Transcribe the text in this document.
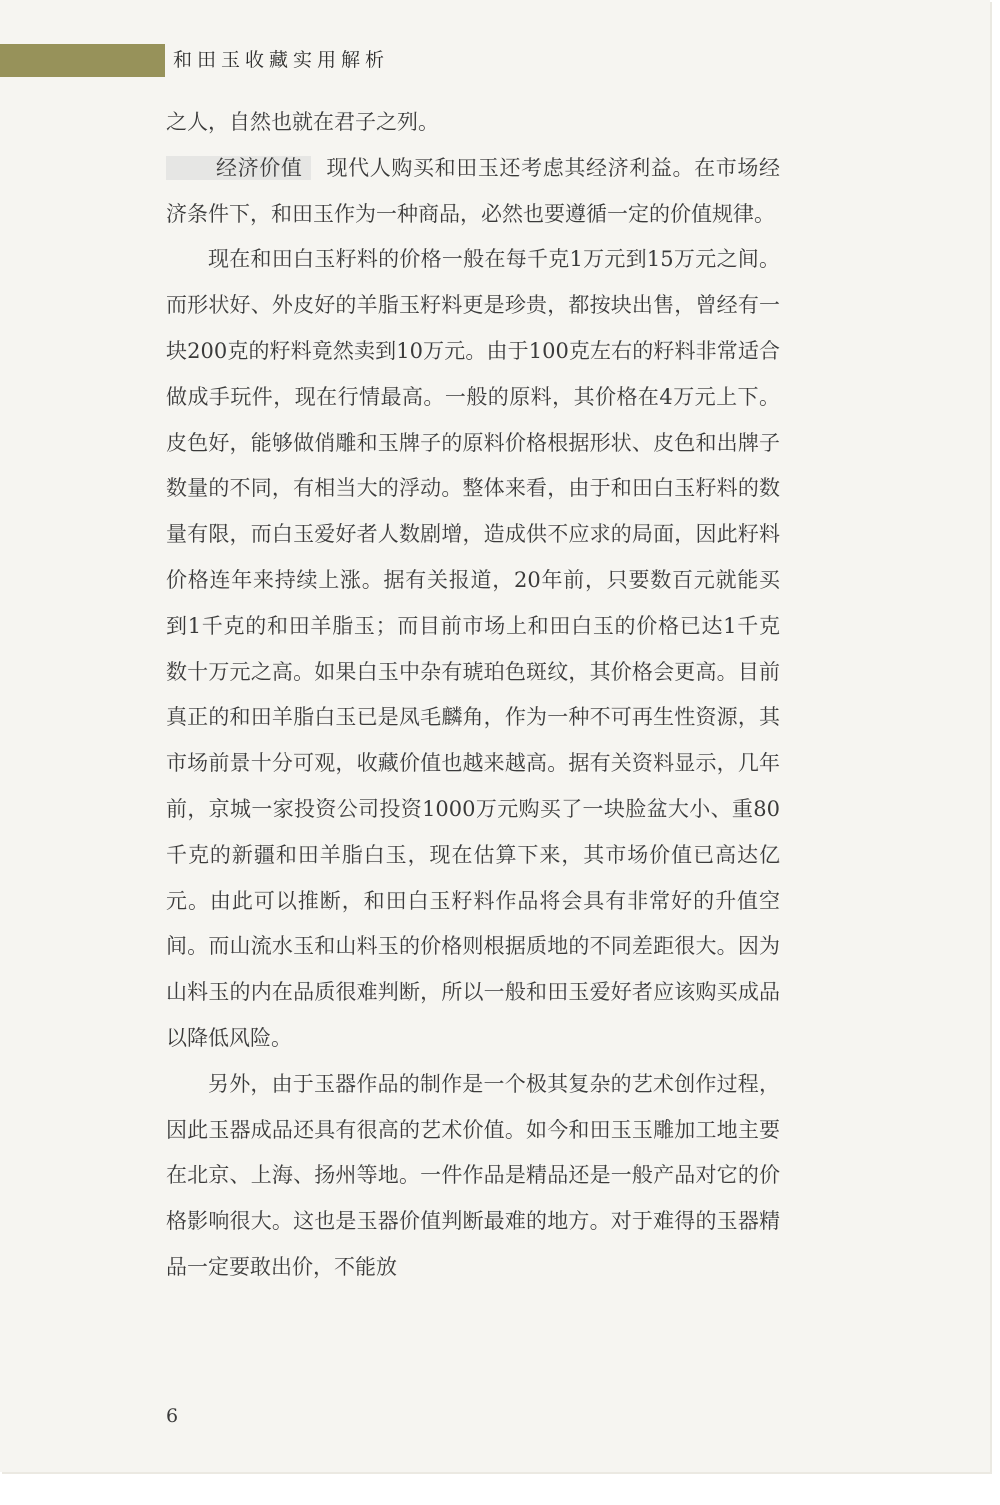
和田玉收藏实用解析

之人，自然也就在君子之列。

经济价值 现代人购买和田玉还考虑其经济利益。在市场经济条件下，和田玉作为一种商品，必然也要遵循一定的价值规律。

现在和田白玉籽料的价格一般在每千克1万元到15万元之间。而形状好、外皮好的羊脂玉籽料更是珍贵，都按块出售，曾经有一块200克的籽料竟然卖到10万元。由于100克左右的籽料非常适合做成手玩件，现在行情最高。一般的原料，其价格在4万元上下。皮色好，能够做俏雕和玉牌子的原料价格根据形状、皮色和出牌子数量的不同，有相当大的浮动。整体来看，由于和田白玉籽料的数量有限，而白玉爱好者人数剧增，造成供不应求的局面，因此籽料价格连年来持续上涨。据有关报道，20年前，只要数百元就能买到1千克的和田羊脂玉；而目前市场上和田白玉的价格已达1千克数十万元之高。如果白玉中杂有琥珀色斑纹，其价格会更高。目前真正的和田羊脂白玉已是凤毛麟角，作为一种不可再生性资源，其市场前景十分可观，收藏价值也越来越高。据有关资料显示，几年前，京城一家投资公司投资1000万元购买了一块脸盆大小、重80千克的新疆和田羊脂白玉，现在估算下来，其市场价值已高达亿元。由此可以推断，和田白玉籽料作品将会具有非常好的升值空间。而山流水玉和山料玉的价格则根据质地的不同差距很大。因为山料玉的内在品质很难判断，所以一般和田玉爱好者应该购买成品以降低风险。

另外，由于玉器作品的制作是一个极其复杂的艺术创作过程，因此玉器成品还具有很高的艺术价值。如今和田玉玉雕加工地主要在北京、上海、扬州等地。一件作品是精品还是一般产品对它的价格影响很大。这也是玉器价值判断最难的地方。对于难得的玉器精品一定要敢出价，不能放

6
